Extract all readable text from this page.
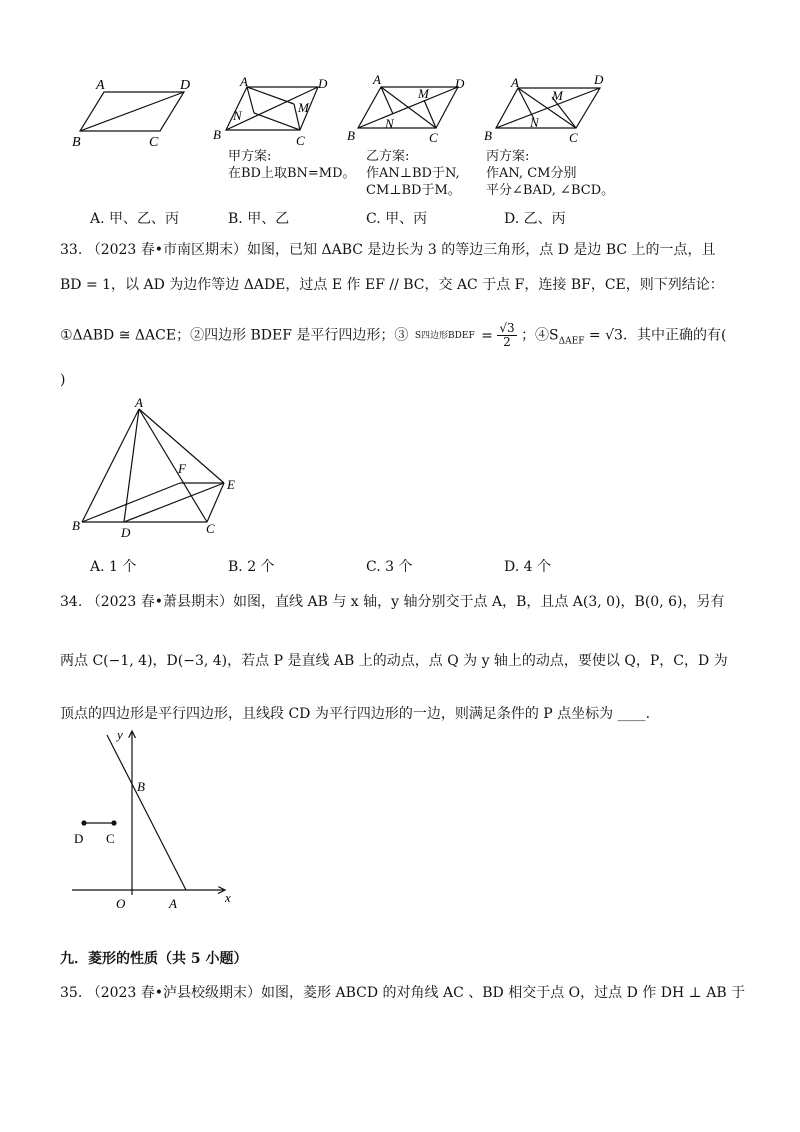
A	D
B	C
A	D
B	C
N
M
A	D
B	C
N
M
A	D
B	C
N
M
甲方案:
在BD上取BN=MD。
乙方案:
作AN⊥BD于N,
CM⊥BD于M。
丙方案:
作AN, CM分别
平分∠BAD, ∠BCD。
A. 甲、乙、丙	B. 甲、乙	C. 甲、丙	D. 乙、丙
33. （2023 春•市南区期末）如图，已知 ΔABC 是边长为 3 的等边三角形，点 D 是边 BC 上的一点，且
BD = 1，以 AD 为边作等边 ΔADE，过点 E 作 EF // BC，交 AC 于点 F，连接 BF，CE，则下列结论：
①ΔABD ≅ ΔACE；②四边形 BDEF 是平行四边形；③ S四边形BDEF = $\frac{√3}{2}$ ；$④S_{\Delta AEF} = √3$．其中正确的有(
)
A
B	D	C
E
F
A. 1 个	B. 2 个	C. 3 个	D. 4 个
34. （2023 春•萧县期末）如图，直线 AB 与 x 轴，y 轴分别交于点 A，B，且点 A(3, 0)，B(0, 6)，另有
两点 C(−1, 4)，D(−3, 4)，若点 P 是直线 AB 上的动点，点 Q 为 y 轴上的动点，要使以 Q，P，C，D 为
顶点的四边形是平行四边形，且线段 CD 为平行四边形的一边，则满足条件的 P 点坐标为 ____.
y
x
O	A
B
D C
九．菱形的性质（共 5 小题）
35. （2023 春•泸县校级期末）如图，菱形 ABCD 的对角线 AC 、BD 相交于点 O，过点 D 作 DH ⊥ AB 于
